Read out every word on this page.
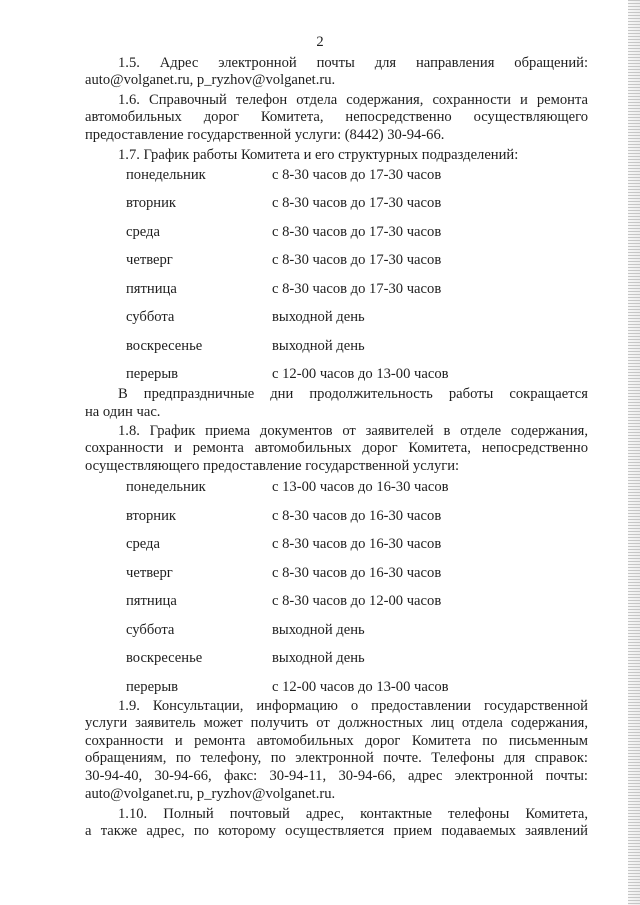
2
1.5. Адрес электронной почты для направления обращений:
auto@volganet.ru, p_ryzhov@volganet.ru.
1.6. Справочный телефон отдела содержания, сохранности и ремонта
автомобильных дорог Комитета, непосредственно осуществляющего
предоставление государственной услуги: (8442) 30-94-66.
1.7. График работы Комитета и его структурных подразделений:
понедельник	с 8-30 часов до 17-30 часов
вторник	с 8-30 часов до 17-30 часов
среда	с 8-30 часов до 17-30 часов
четверг	с 8-30 часов до 17-30 часов
пятница	с 8-30 часов до 17-30 часов
суббота	выходной день
воскресенье	выходной день
перерыв	с 12-00 часов до 13-00 часов
В предпраздничные дни продолжительность работы сокращается
на один час.
1.8. График приема документов от заявителей в отделе содержания,
сохранности и ремонта автомобильных дорог Комитета, непосредственно
осуществляющего предоставление государственной услуги:
понедельник	с 13-00 часов до 16-30 часов
вторник	с 8-30 часов до 16-30 часов
среда	с 8-30 часов до 16-30 часов
четверг	с 8-30 часов до 16-30 часов
пятница	с 8-30 часов до 12-00 часов
суббота	выходной день
воскресенье	выходной день
перерыв	с 12-00 часов до 13-00 часов
1.9. Консультации, информацию о предоставлении государственной
услуги заявитель может получить от должностных лиц отдела содержания,
сохранности и ремонта автомобильных дорог Комитета по письменным
обращениям, по телефону, по электронной почте. Телефоны для справок:
30-94-40, 30-94-66, факс: 30-94-11, 30-94-66, адрес электронной почты:
auto@volganet.ru, p_ryzhov@volganet.ru.
1.10. Полный почтовый адрес, контактные телефоны Комитета,
а также адрес, по которому осуществляется прием подаваемых заявлений
